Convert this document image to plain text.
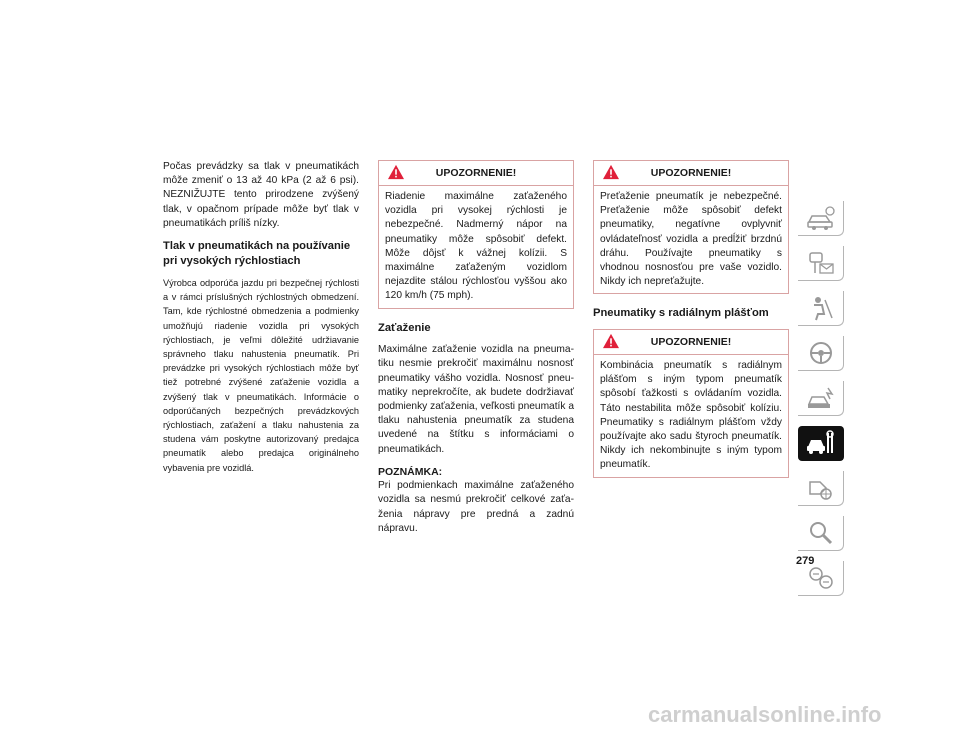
Počas prevádzky sa tlak v pneumatikách môže zmeniť o 13 až 40 kPa (2 až 6 psi). NEZNIŽUJTE tento prirodzene zvýšený tlak, v opačnom prípade môže byť tlak v pneumatikách príliš nízky.

Tlak v pneumatikách na používanie pri vysokých rýchlostiach

Výrobca odporúča jazdu pri bezpečnej rýchlosti a v rámci príslušných rýchlostných obmedzení. Tam, kde rýchlostné obmedzenia a podmienky umožňujú riadenie vozidla pri vysokých rýchlostiach, je veľmi dôležité udržiavanie správneho tlaku nahustenia pneumatík. Pri prevádzke pri vysokých rýchlostiach môže byť tiež potrebné zvýšené zaťaženie vozidla a zvýšený tlak v pneumatikách. Informácie o odporúčaných bezpečných prevádzkových rýchlostiach, zaťažení a tlaku nahustenia za studena vám poskytne autorizovaný predajca pneumatík alebo predajca originálneho vybavenia pre vozidlá.

UPOZORNENIE!
Riadenie maximálne zaťaženého vozidla pri vysokej rýchlosti je nebezpečné. Nadmerný nápor na pneumatiky môže spôsobiť defekt. Môže dôjsť k vážnej kolízii. S maximálne zaťaženým vozidlom nejazdite stálou rýchlosťou vyššou ako 120 km/h (75 mph).
Zaťaženie

Maximálne zaťaženie vozidla na pneumatiku nesmie prekročiť maximálnu nosnosť pneumatiky vášho vozidla. Nosnosť pneumatiky neprekročíte, ak budete dodržiavať podmienky zaťaženia, veľkosti pneumatík a tlaku nahustenia pneumatík za studena uvedené na štítku s informáciami o pneumatikách.

POZNÁMKA:

Pri podmienkach maximálne zaťaženého vozidla sa nesmú prekročiť celkové zaťaženia nápravy pre predná a zadnú nápravu.

UPOZORNENIE!
Preťaženie pneumatík je nebezpečné. Preťaženie môže spôsobiť defekt pneumatiky, negatívne ovplyvniť ovládateľnosť vozidla a predĺžiť brzdnú dráhu. Používajte pneumatiky s vhodnou nosnosťou pre vaše vozidlo. Nikdy ich nepreťažujte.
Pneumatiky s radiálnym plášťom
UPOZORNENIE!
Kombinácia pneumatík s radiálnym plášťom s iným typom pneumatík spôsobí ťažkosti s ovládaním vozidla. Táto nestabilita môže spôsobiť kolíziu. Pneumatiky s radiálnym plášťom vždy používajte ako sadu štyroch pneumatík. Nikdy ich nekombinujte s iným typom pneumatík.
279
carmanualsonline.info
